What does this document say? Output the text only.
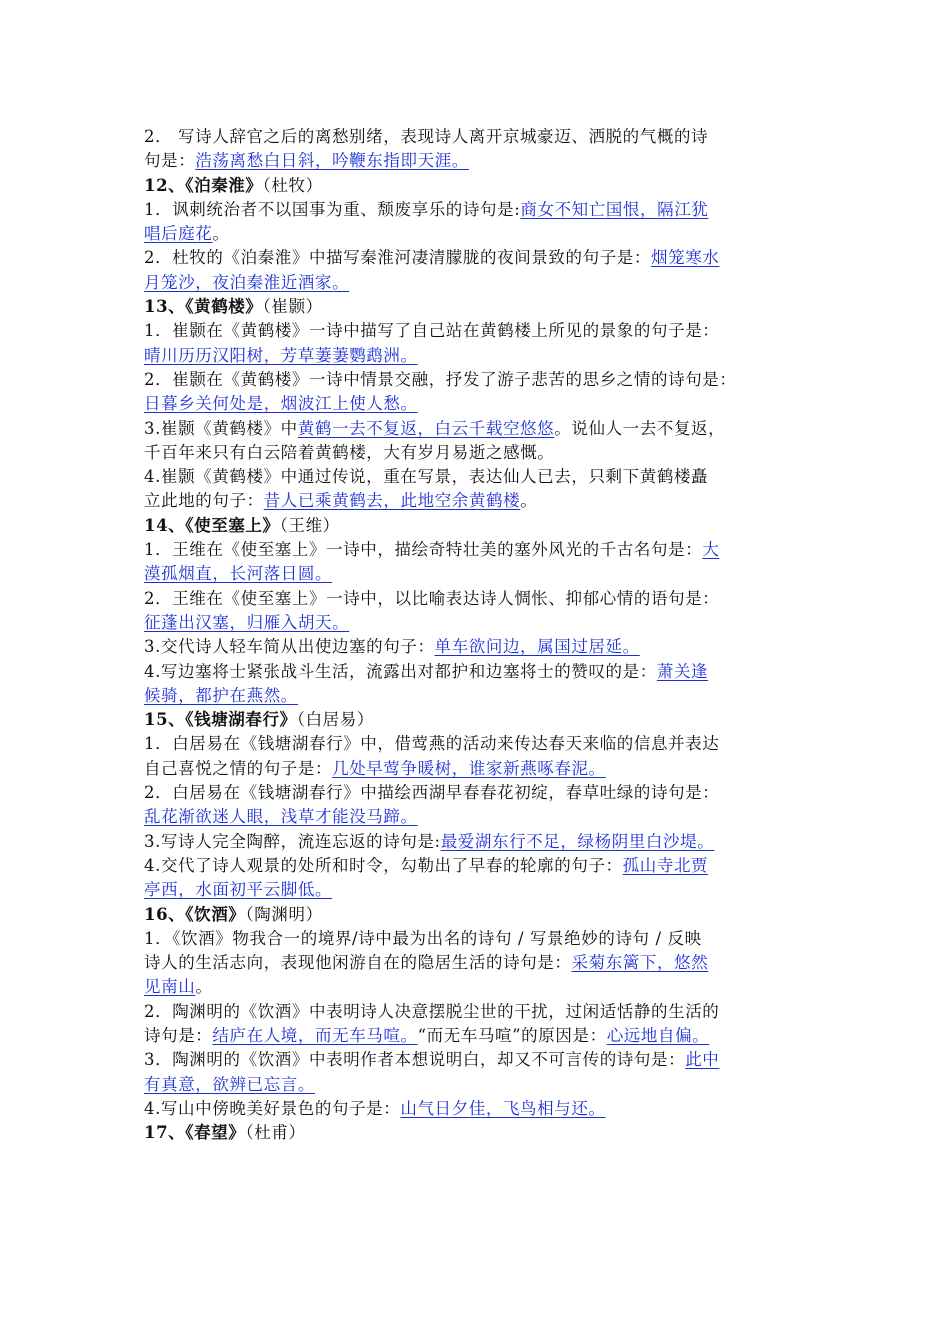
2． 写诗人辞官之后的离愁别绪，表现诗人离开京城豪迈、洒脱的气概的诗
句是：浩荡离愁白日斜，吟鞭东指即天涯。
12、《泊秦淮》（杜牧）
1．讽刺统治者不以国事为重、颓废享乐的诗句是:商女不知亡国恨，隔江犹
唱后庭花。
2．杜牧的《泊秦淮》中描写秦淮河凄清朦胧的夜间景致的句子是：烟笼寒水
月笼沙，夜泊秦淮近酒家。
13、《黄鹤楼》（崔颢）
1．崔颢在《黄鹤楼》一诗中描写了自己站在黄鹤楼上所见的景象的句子是：
晴川历历汉阳树，芳草萋萋鹦鹉洲。
2．崔颢在《黄鹤楼》一诗中情景交融，抒发了游子悲苦的思乡之情的诗句是：
日暮乡关何处是，烟波江上使人愁。
3.崔颢《黄鹤楼》中黄鹤一去不复返，白云千载空悠悠。说仙人一去不复返，
千百年来只有白云陪着黄鹤楼，大有岁月易逝之感慨。
4.崔颢《黄鹤楼》中通过传说，重在写景，表达仙人已去，只剩下黄鹤楼矗
立此地的句子：昔人已乘黄鹤去，此地空余黄鹤楼。
14、《使至塞上》（王维）
1．王维在《使至塞上》一诗中，描绘奇特壮美的塞外风光的千古名句是：大
漠孤烟直，长河落日圆。
2．王维在《使至塞上》一诗中，以比喻表达诗人惆怅、抑郁心情的语句是：
征蓬出汉塞，归雁入胡天。
3.交代诗人轻车简从出使边塞的句子：单车欲问边，属国过居延。
4.写边塞将士紧张战斗生活，流露出对都护和边塞将士的赞叹的是：萧关逢
候骑，都护在燕然。
15、《钱塘湖春行》（白居易）
1．白居易在《钱塘湖春行》中，借莺燕的活动来传达春天来临的信息并表达
自己喜悦之情的句子是：几处早莺争暖树，谁家新燕啄春泥。
2．白居易在《钱塘湖春行》中描绘西湖早春春花初绽，春草吐绿的诗句是：
乱花渐欲迷人眼，浅草才能没马蹄。
3.写诗人完全陶醉，流连忘返的诗句是:最爱湖东行不足，绿杨阴里白沙堤。
4.交代了诗人观景的处所和时令，勾勒出了早春的轮廓的句子：孤山寺北贾
亭西，水面初平云脚低。
16、《饮酒》（陶渊明）
1．《饮酒》物我合一的境界/诗中最为出名的诗句 / 写景绝妙的诗句 / 反映
诗人的生活志向，表现他闲游自在的隐居生活的诗句是：采菊东篱下，悠然
见南山。
2．陶渊明的《饮酒》中表明诗人决意摆脱尘世的干扰，过闲适恬静的生活的
诗句是：结庐在人境，而无车马喧。“而无车马喧”的原因是：心远地自偏。
3．陶渊明的《饮酒》中表明作者本想说明白，却又不可言传的诗句是：此中
有真意，欲辨已忘言。
4.写山中傍晚美好景色的句子是：山气日夕佳，飞鸟相与还。
17、《春望》（杜甫）
